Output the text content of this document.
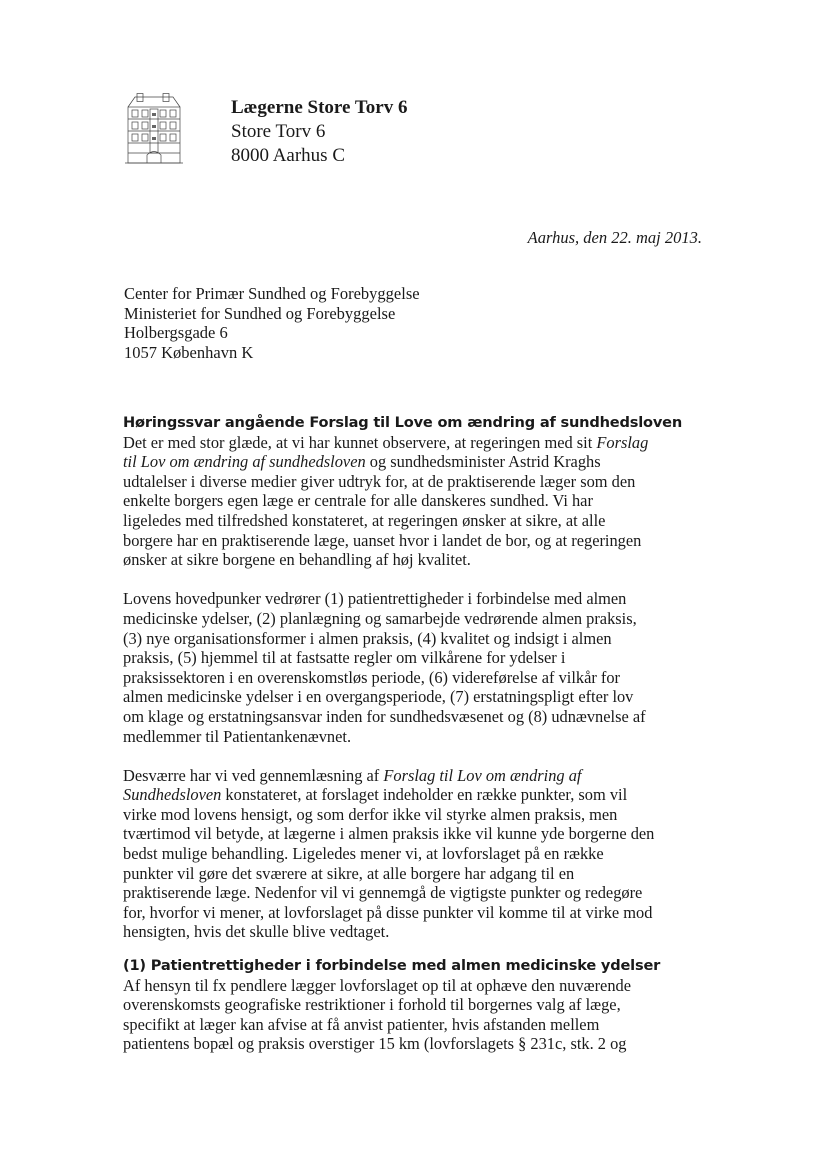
Lægerne Store Torv 6
Store Torv 6
8000 Aarhus C
Aarhus, den 22. maj 2013.
Center for Primær Sundhed og Forebyggelse
Ministeriet for Sundhed og Forebyggelse
Holbergsgade 6
1057 København K
Høringssvar angående Forslag til Love om ændring af sundhedsloven
Det er med stor glæde, at vi har kunnet observere, at regeringen med sit Forslag
til Lov om ændring af sundhedsloven og sundhedsminister Astrid Kraghs
udtalelser i diverse medier giver udtryk for, at de praktiserende læger som den
enkelte borgers egen læge er centrale for alle danskeres sundhed. Vi har
ligeledes med tilfredshed konstateret, at regeringen ønsker at sikre, at alle
borgere har en praktiserende læge, uanset hvor i landet de bor, og at regeringen
ønsker at sikre borgene en behandling af høj kvalitet.
Lovens hovedpunker vedrører (1) patientrettigheder i forbindelse med almen
medicinske ydelser, (2) planlægning og samarbejde vedrørende almen praksis,
(3) nye organisationsformer i almen praksis, (4) kvalitet og indsigt i almen
praksis, (5) hjemmel til at fastsatte regler om vilkårene for ydelser i
praksissektoren i en overenskomstløs periode, (6) videreførelse af vilkår for
almen medicinske ydelser i en overgangsperiode, (7) erstatningspligt efter lov
om klage og erstatningsansvar inden for sundhedsvæsenet og (8) udnævnelse af
medlemmer til Patientankenævnet.
Desværre har vi ved gennemlæsning af Forslag til Lov om ændring af
Sundhedsloven konstateret, at forslaget indeholder en række punkter, som vil
virke mod lovens hensigt, og som derfor ikke vil styrke almen praksis, men
tværtimod vil betyde, at lægerne i almen praksis ikke vil kunne yde borgerne den
bedst mulige behandling. Ligeledes mener vi, at lovforslaget på en række
punkter vil gøre det sværere at sikre, at alle borgere har adgang til en
praktiserende læge. Nedenfor vil vi gennemgå de vigtigste punkter og redegøre
for, hvorfor vi mener, at lovforslaget på disse punkter vil komme til at virke mod
hensigten, hvis det skulle blive vedtaget.
(1) Patientrettigheder i forbindelse med almen medicinske ydelser
Af hensyn til fx pendlere lægger lovforslaget op til at ophæve den nuværende
overenskomsts geografiske restriktioner i forhold til borgernes valg af læge,
specifikt at læger kan afvise at få anvist patienter, hvis afstanden mellem
patientens bopæl og praksis overstiger 15 km (lovforslagets § 231c, stk. 2 og
